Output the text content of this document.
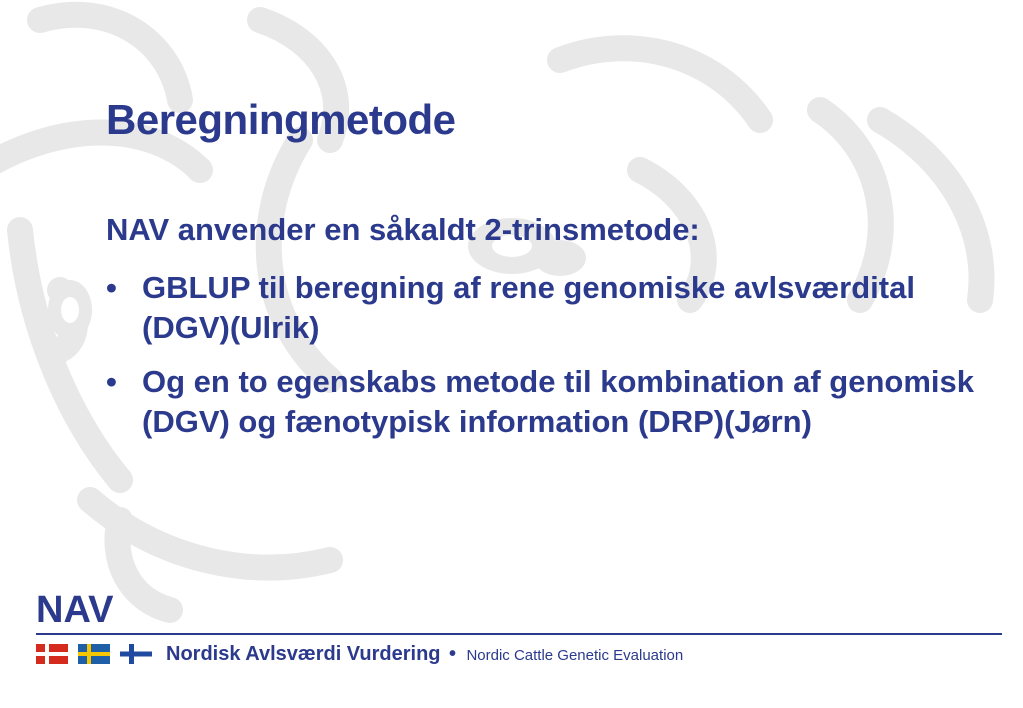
Beregningmetode
NAV anvender en såkaldt 2-trinsmetode:
• GBLUP til beregning af rene genomiske avlsværdital (DGV)(Ulrik)
• Og en to egenskabs metode til kombination af genomisk (DGV) og fænotypisk information (DRP)(Jørn)
NAV
Nordisk Avlsværdi Vurdering • Nordic Cattle Genetic Evaluation
